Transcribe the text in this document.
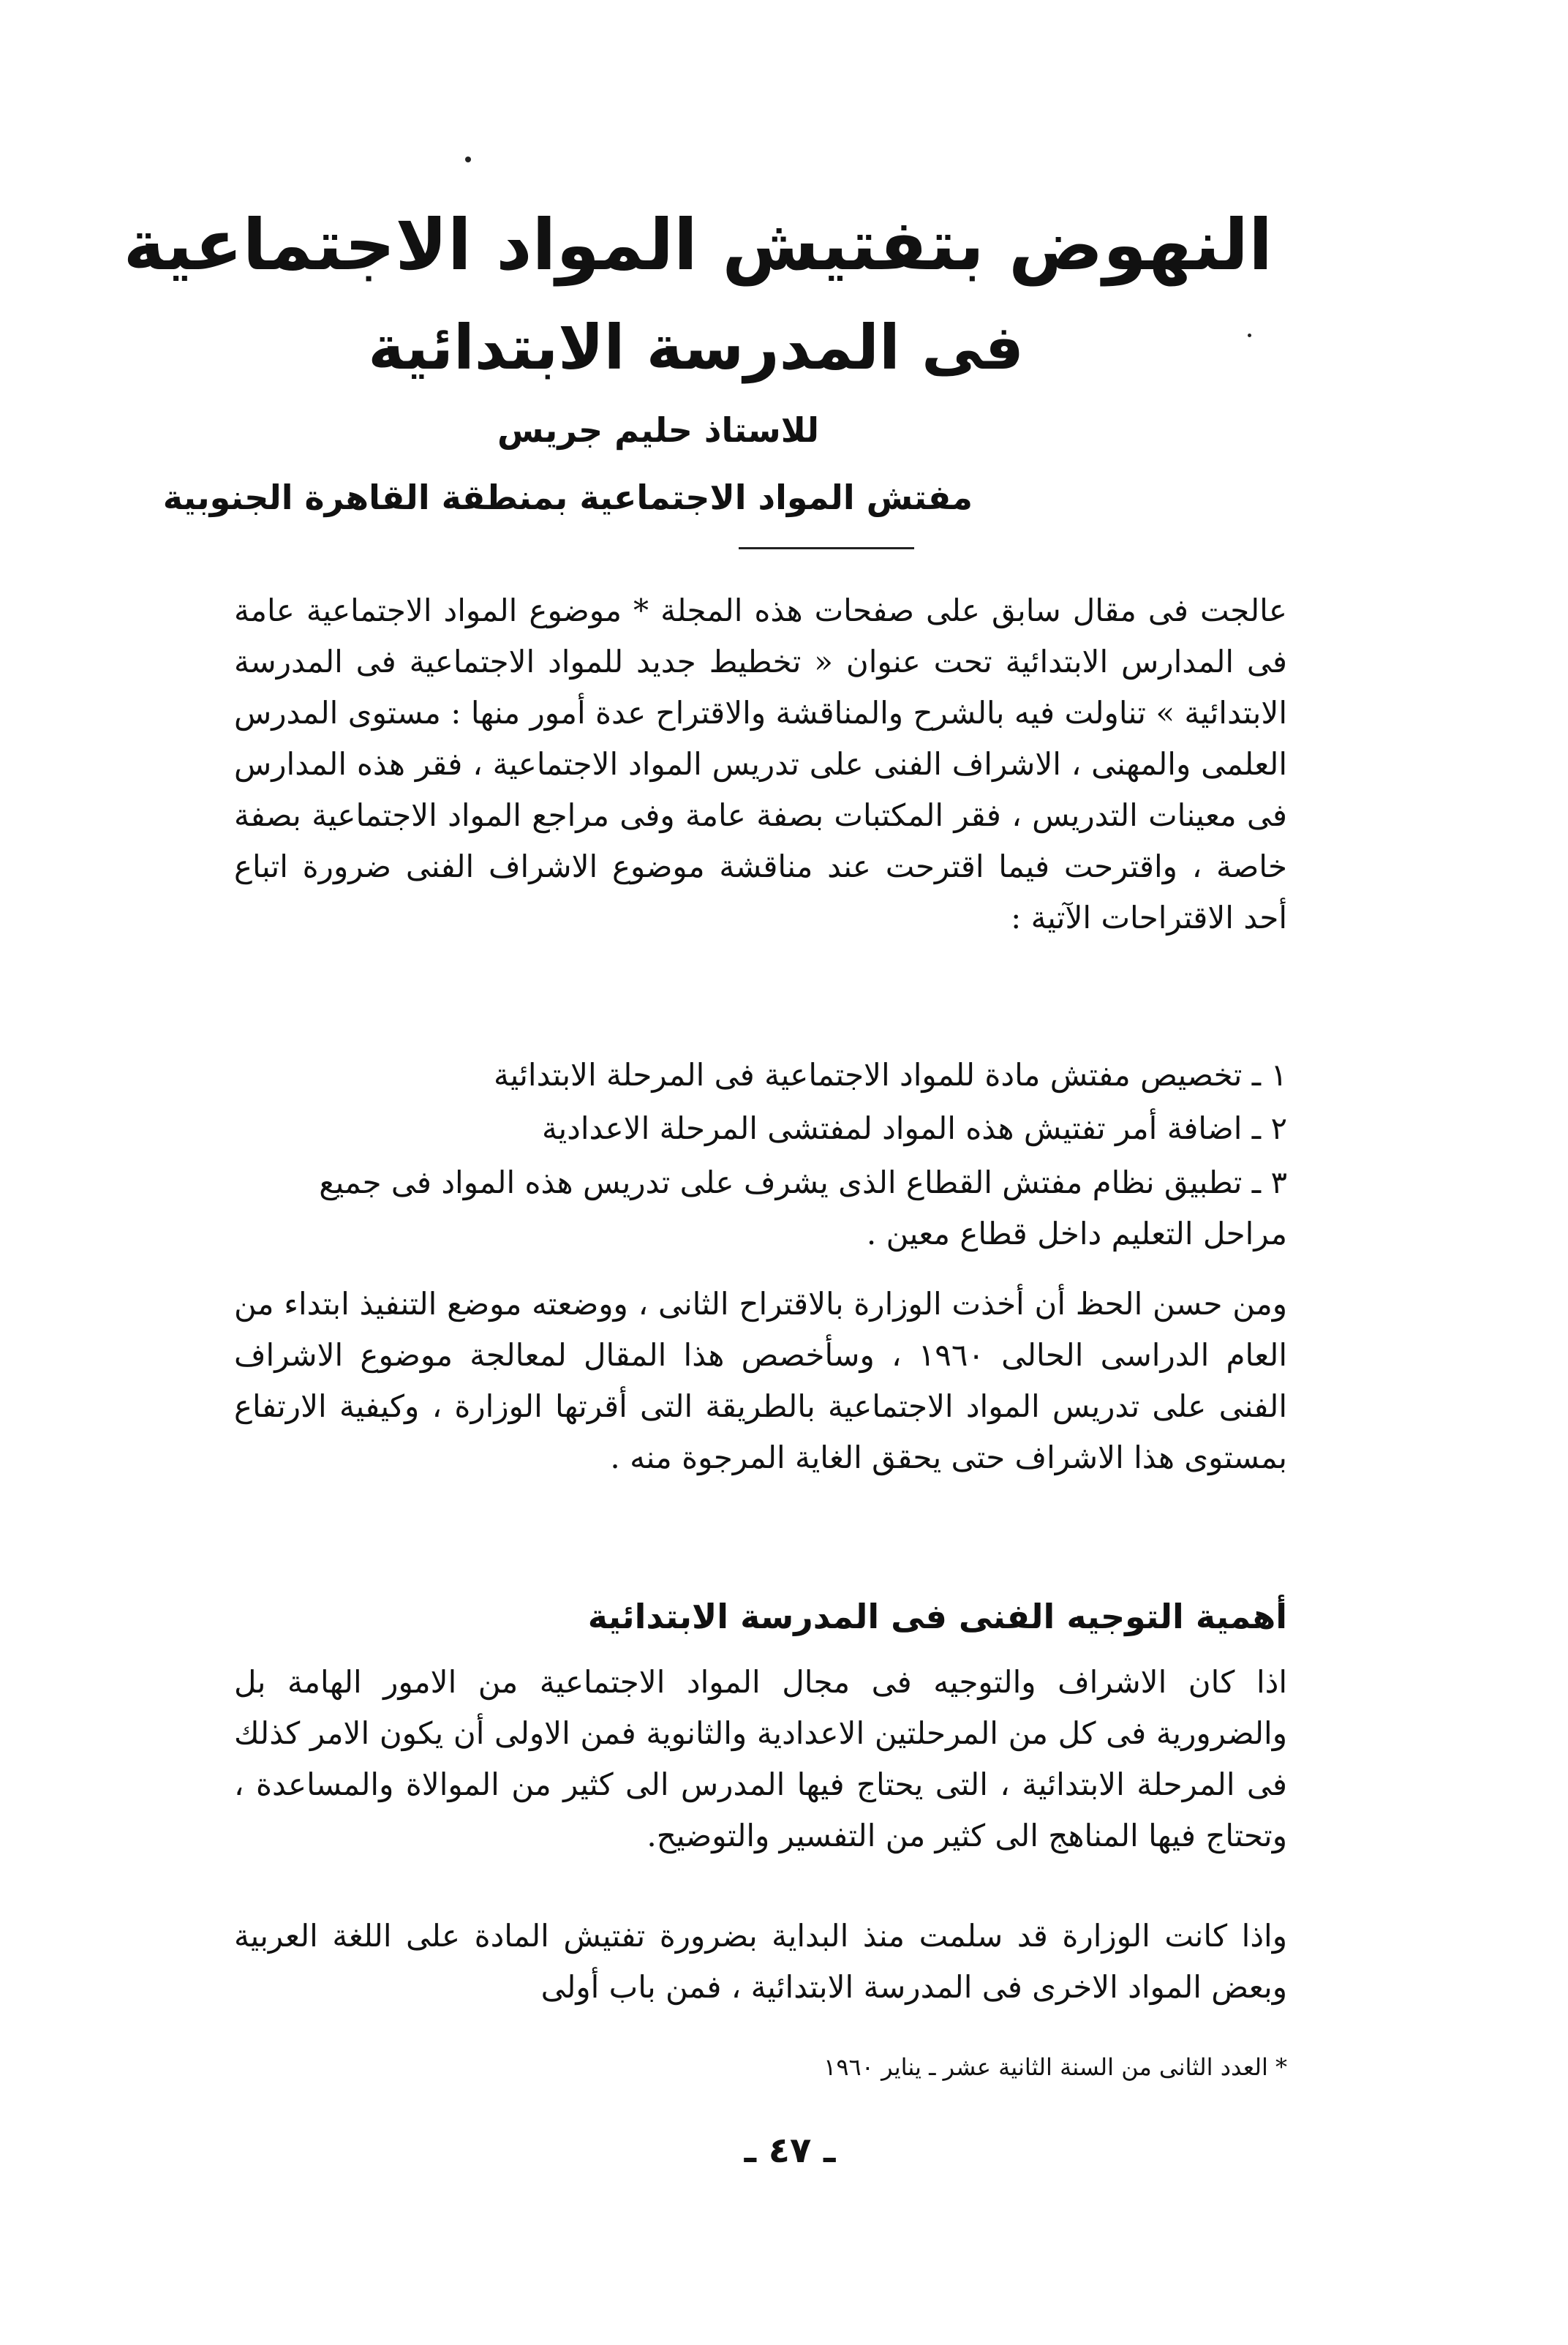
النهوض بتفتيش المواد الاجتماعية
فى المدرسة الابتدائية
للاستاذ حليم جريس
مفتش المواد الاجتماعية بمنطقة القاهرة الجنوبية

عالجت فى مقال سابق على صفحات هذه المجلة * موضوع المواد الاجتماعية عامة فى المدارس الابتدائية تحت عنوان « تخطيط جديد للمواد الاجتماعية فى المدرسة الابتدائية » تناولت فيه بالشرح والمناقشة والاقتراح عدة أمور منها : مستوى المدرس العلمى والمهنى ، الاشراف الفنى على تدريس المواد الاجتماعية ، فقر هذه المدارس فى معينات التدريس ، فقر المكتبات بصفة عامة وفى مراجع المواد الاجتماعية بصفة خاصة ، واقترحت فيما اقترحت عند مناقشة موضوع الاشراف الفنى ضرورة اتباع أحد الاقتراحات الآتية :

١ ـ تخصيص مفتش مادة للمواد الاجتماعية فى المرحلة الابتدائية
٢ ـ اضافة أمر تفتيش هذه المواد لمفتشى المرحلة الاعدادية
٣ ـ تطبيق نظام مفتش القطاع الذى يشرف على تدريس هذه المواد فى جميع مراحل التعليم داخل قطاع معين .

ومن حسن الحظ أن أخذت الوزارة بالاقتراح الثانى ، ووضعته موضع التنفيذ ابتداء من العام الدراسى الحالى ١٩٦٠ ، وسأخصص هذا المقال لمعالجة موضوع الاشراف الفنى على تدريس المواد الاجتماعية بالطريقة التى أقرتها الوزارة ، وكيفية الارتفاع بمستوى هذا الاشراف حتى يحقق الغاية المرجوة منه .

أهمية التوجيه الفنى فى المدرسة الابتدائية

اذا كان الاشراف والتوجيه فى مجال المواد الاجتماعية من الامور الهامة بل والضرورية فى كل من المرحلتين الاعدادية والثانوية فمن الاولى أن يكون الامر كذلك فى المرحلة الابتدائية ، التى يحتاج فيها المدرس الى كثير من الموالاة والمساعدة ، وتحتاج فيها المناهج الى كثير من التفسير والتوضيح.

واذا كانت الوزارة قد سلمت منذ البداية بضرورة تفتيش المادة على اللغة العربية وبعض المواد الاخرى فى المدرسة الابتدائية ، فمن باب أولى

* العدد الثانى من السنة الثانية عشر ـ يناير ١٩٦٠
ـ ٤٧ ـ
